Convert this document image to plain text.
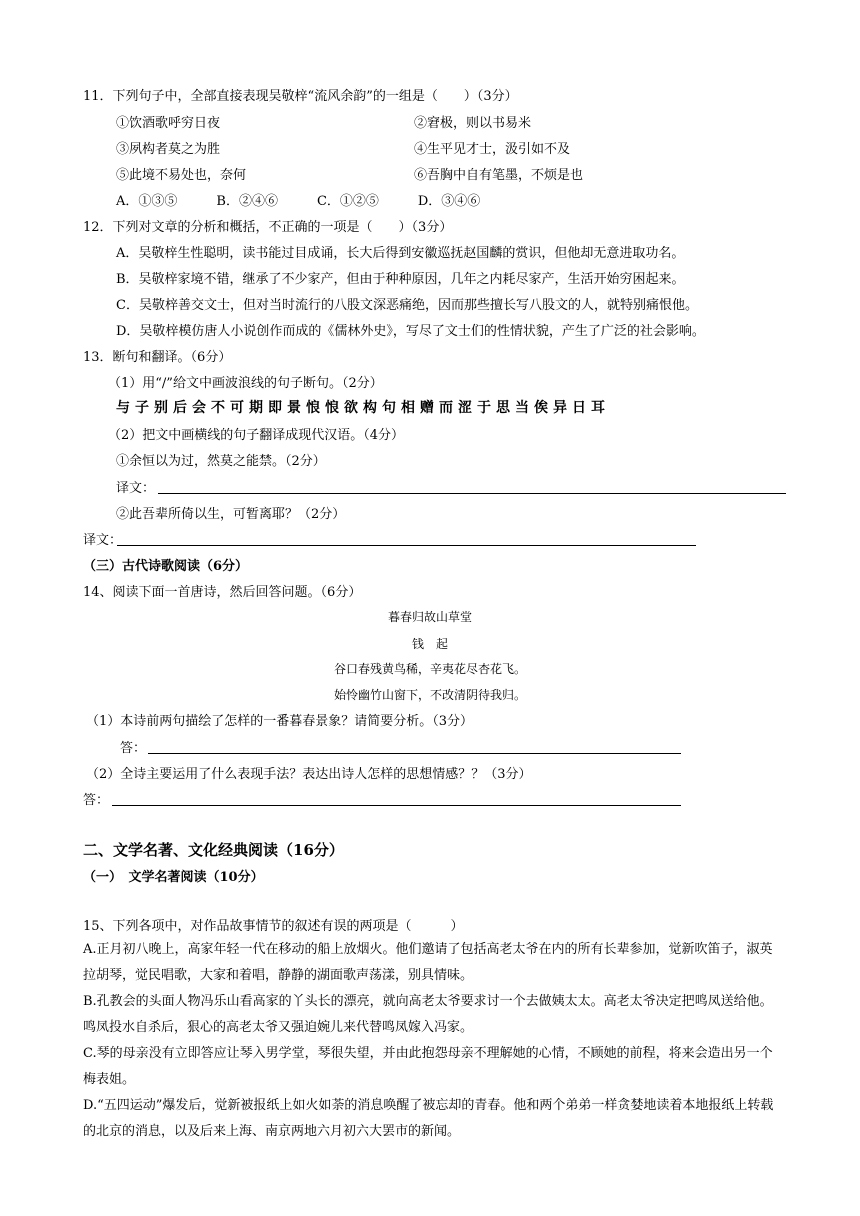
11．下列句子中，全部直接表现吴敬梓“流风余韵”的一组是（　　）（3分）
①饮酒歌呼穷日夜	②窘极，则以书易米
③夙构者莫之为胜	④生平见才士，汲引如不及
⑤此境不易处也，奈何	⑥吾胸中自有笔墨，不烦是也
A．①③⑤　　　B．②④⑥　　　C．①②⑤　　　D．③④⑥
12．下列对文章的分析和概括，不正确的一项是（　　）（3分）
A．吴敬梓生性聪明，读书能过目成诵，长大后得到安徽巡抚赵国麟的赏识，但他却无意进取功名。
B．吴敬梓家境不错，继承了不少家产，但由于种种原因，几年之内耗尽家产，生活开始穷困起来。
C．吴敬梓善交文士，但对当时流行的八股文深恶痛绝，因而那些擅长写八股文的人，就特别痛恨他。
D．吴敬梓模仿唐人小说创作而成的《儒林外史》，写尽了文士们的性情状貌，产生了广泛的社会影响。
13．断句和翻译。（6分）
（1）用“/”给文中画波浪线的句子断句。（2分）
与子别后会不可期即景悢悢欲构句相赠而涩于思当俟异日耳
（2）把文中画横线的句子翻译成现代汉语。（4分）
①余恒以为过，然莫之能禁。（2分）
译文：
②此吾辈所倚以生，可暂离耶？（2分）
译文：
（三）古代诗歌阅读（6分）
14、阅读下面一首唐诗，然后回答问题。（6分）
暮春归故山草堂
钱　起
谷口春残黄鸟稀，辛夷花尽杏花飞。
始怜幽竹山窗下，不改清阴待我归。
（1）本诗前两句描绘了怎样的一番暮春景象？请简要分析。（3分）
答：
（2）全诗主要运用了什么表现手法？表达出诗人怎样的思想情感？？（3分）
答：
二、文学名著、文化经典阅读（16分）
（一）　文学名著阅读（10分）
15、下列各项中，对作品故事情节的叙述有误的两项是（　　　）
A.正月初八晚上，高家年轻一代在移动的船上放烟火。他们邀请了包括高老太爷在内的所有长辈参加，觉新吹笛子，淑英拉胡琴，觉民唱歌，大家和着唱，静静的湖面歌声荡漾，别具情味。
B.孔教会的头面人物冯乐山看高家的丫头长的漂亮，就向高老太爷要求讨一个去做姨太太。高老太爷决定把鸣凤送给他。鸣凤投水自杀后，狠心的高老太爷又强迫婉儿来代替鸣凤嫁入冯家。
C.琴的母亲没有立即答应让琴入男学堂，琴很失望，并由此抱怨母亲不理解她的心情，不顾她的前程，将来会造出另一个梅表姐。
D.“五四运动”爆发后，觉新被报纸上如火如荼的消息唤醒了被忘却的青春。他和两个弟弟一样贪婪地读着本地报纸上转载的北京的消息，以及后来上海、南京两地六月初六大罢市的新闻。
